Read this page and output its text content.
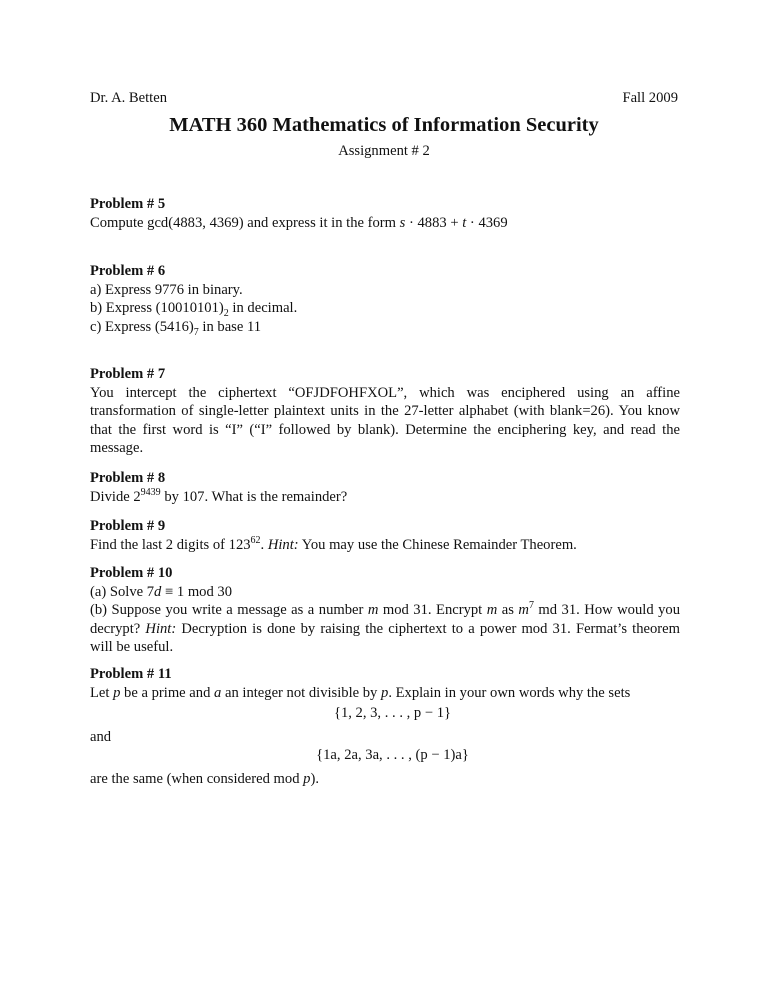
Dr. A. Betten	Fall 2009
MATH 360 Mathematics of Information Security
Assignment # 2
Problem # 5
Compute gcd(4883, 4369) and express it in the form s · 4883 + t · 4369
Problem # 6
a) Express 9776 in binary.
b) Express $(10010101)_2$ in decimal.
c) Express $(5416)_7$ in base 11
Problem # 7
You intercept the ciphertext “OFJDFOHFXOL”, which was enciphered using an affine transformation of single-letter plaintext units in the 27-letter alphabet (with blank=26). You know that the first word is “I” (“I” followed by blank). Determine the enciphering key, and read the message.
Problem # 8
Divide $2^{9439}$ by 107. What is the remainder?
Problem # 9
Find the last 2 digits of $123^{62}$. Hint: You may use the Chinese Remainder Theorem.
Problem # 10
(a) Solve 7d ≡ 1 mod 30
(b) Suppose you write a message as a number m mod 31. Encrypt m as $m^7$ md 31. How would you decrypt? Hint: Decryption is done by raising the ciphertext to a power mod 31. Fermat’s theorem will be useful.
Problem # 11
Let p be a prime and a an integer not divisible by p. Explain in your own words why the sets
{1, 2, 3, . . . , p − 1}
and
{1a, 2a, 3a, . . . , (p − 1)a}
are the same (when considered mod p).
